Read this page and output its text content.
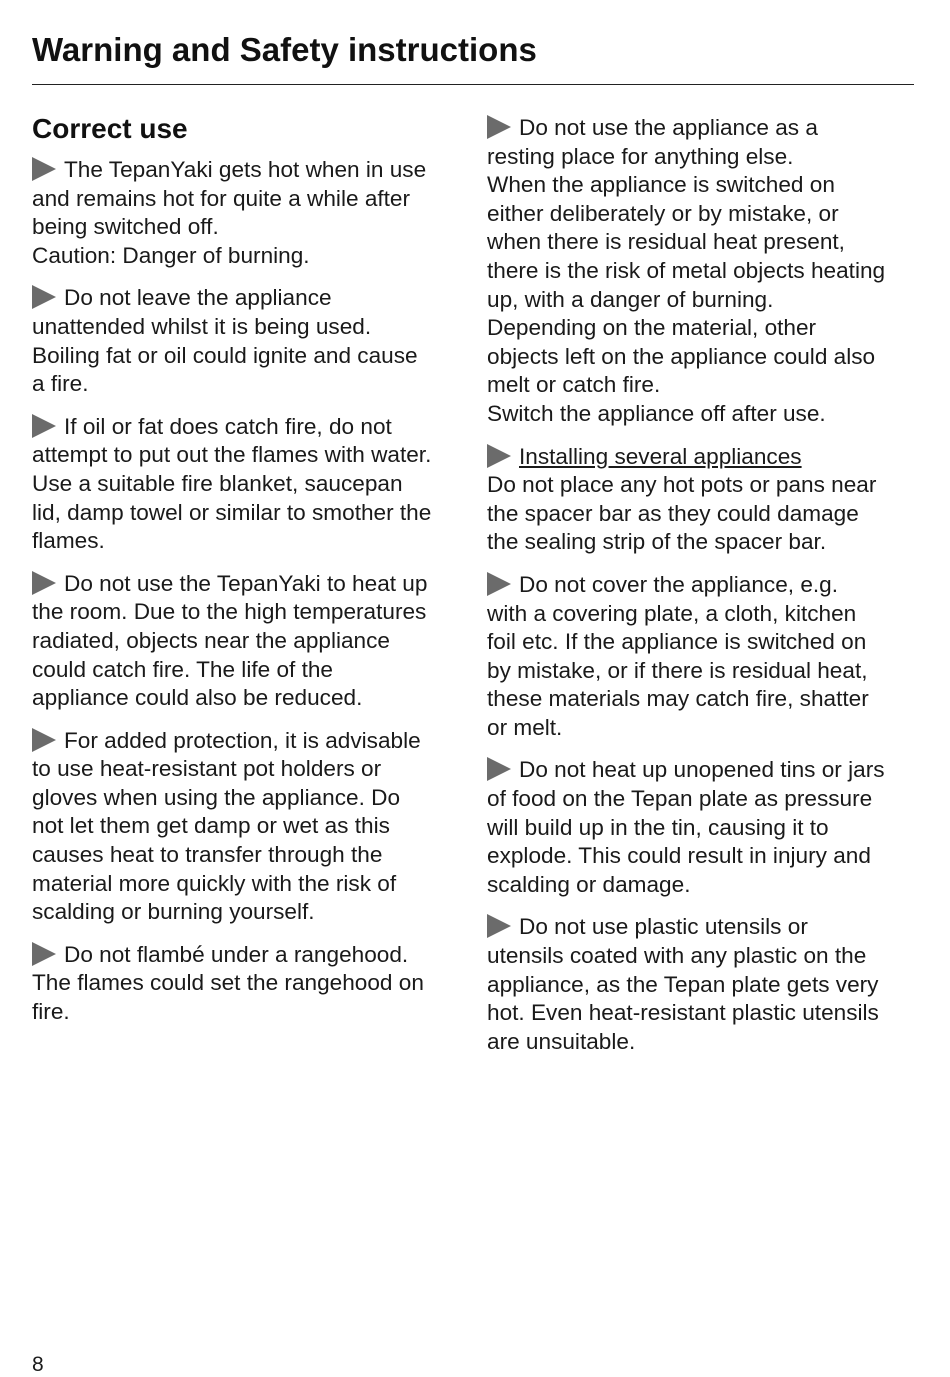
Warning and Safety instructions
Correct use
The TepanYaki gets hot when in use
and remains hot for quite a while after
being switched off.
Caution: Danger of burning.
Do not leave the appliance
unattended whilst it is being used.
Boiling fat or oil could ignite and cause
a fire.
If oil or fat does catch fire, do not
attempt to put out the flames with water.
Use a suitable fire blanket, saucepan
lid, damp towel or similar to smother the
flames.
Do not use the TepanYaki to heat up
the room. Due to the high temperatures
radiated, objects near the appliance
could catch fire. The life of the
appliance could also be reduced.
For added protection, it is advisable
to use heat-resistant pot holders or
gloves when using the appliance. Do
not let them get damp or wet as this
causes heat to transfer through the
material more quickly with the risk of
scalding or burning yourself.
Do not flambé under a rangehood.
The flames could set the rangehood on
fire.
Do not use the appliance as a
resting place for anything else.
When the appliance is switched on
either deliberately or by mistake, or
when there is residual heat present,
there is the risk of metal objects heating
up, with a danger of burning.
Depending on the material, other
objects left on the appliance could also
melt or catch fire.
Switch the appliance off after use.
Installing several appliances
Do not place any hot pots or pans near
the spacer bar as they could damage
the sealing strip of the spacer bar.
Do not cover the appliance, e.g.
with a covering plate, a cloth, kitchen
foil etc. If the appliance is switched on
by mistake, or if there is residual heat,
these materials may catch fire, shatter
or melt.
Do not heat up unopened tins or jars
of food on the Tepan plate as pressure
will build up in the tin, causing it to
explode. This could result in injury and
scalding or damage.
Do not use plastic utensils or
utensils coated with any plastic on the
appliance, as the Tepan plate gets very
hot. Even heat-resistant plastic utensils
are unsuitable.
8
